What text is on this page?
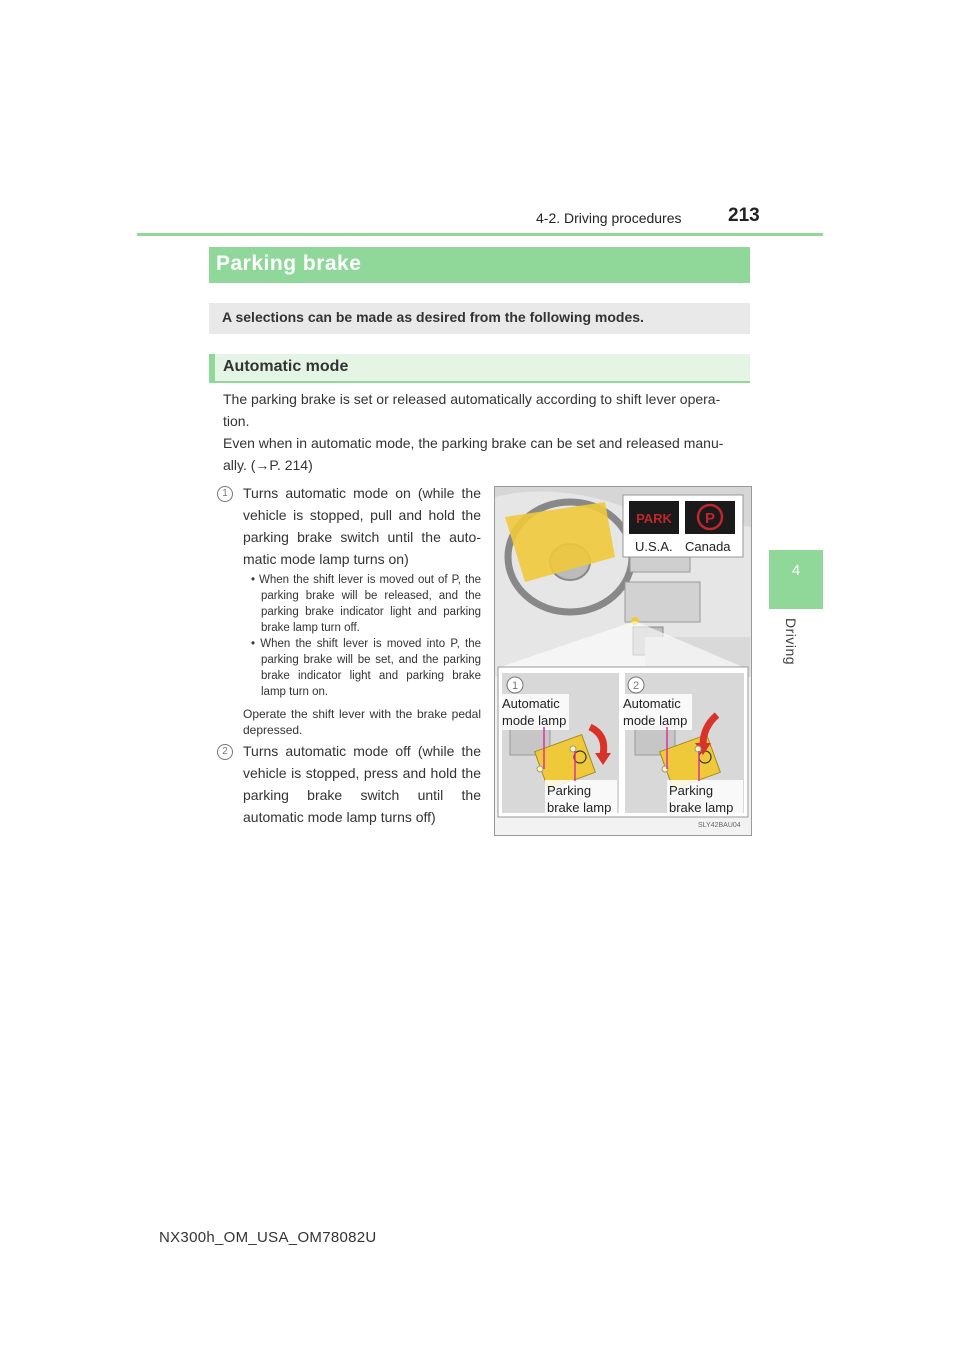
4-2. Driving procedures 213
4
Driving
Parking brake
A selections can be made as desired from the following modes.
Automatic mode
The parking brake is set or released automatically according to shift lever opera-
tion.
Even when in automatic mode, the parking brake can be set and released manu-
ally. (→P. 214)
1	Turns automatic mode on (while the vehicle is stopped, pull and hold the parking brake switch until the auto-matic mode lamp turns on)
• When the shift lever is moved out of P, the parking brake will be released, and the parking brake indicator light and parking brake lamp turn off.
• When the shift lever is moved into P, the parking brake will be set, and the parking brake indicator light and parking brake lamp turn on.
Operate the shift lever with the brake pedal depressed.
2	Turns automatic mode off (while the vehicle is stopped, press and hold the parking brake switch until the automatic mode lamp turns off)
PARK P
U.S.A. Canada
1	2
Automatic
mode lamp
Parking
brake lamp
Automatic
mode lamp
Parking
brake lamp
SLY42BAU04
NX300h_OM_USA_OM78082U
